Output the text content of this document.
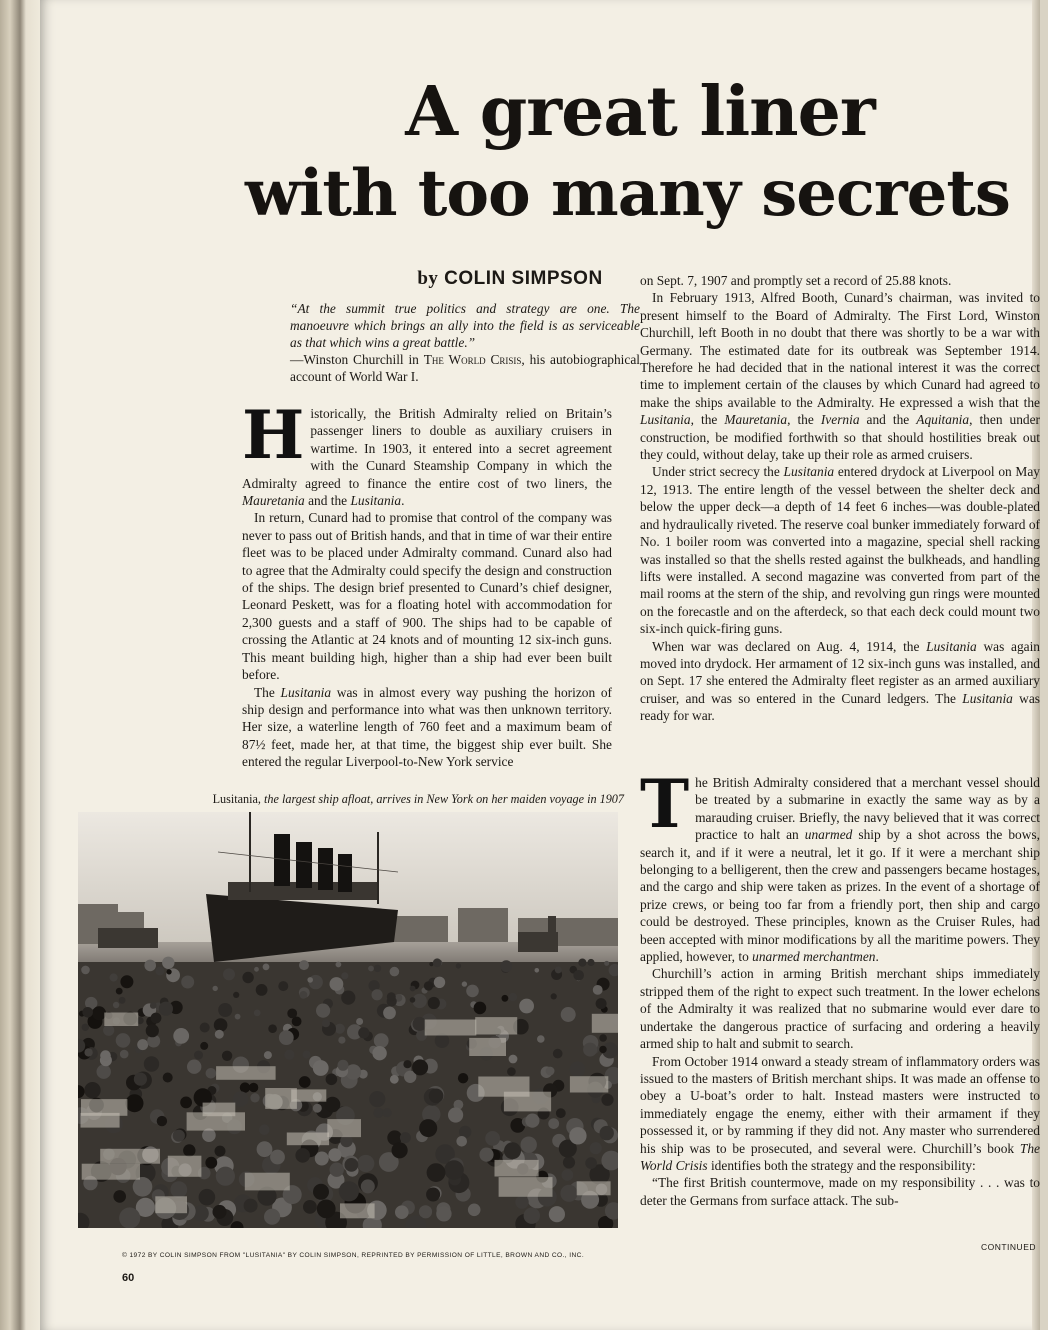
A great liner
with too many secrets
by COLIN SIMPSON
“At the summit true politics and strategy are one. The manoeuvre which brings an ally into the field is as serviceable as that which wins a great battle.”
—Winston Churchill in The World Crisis, his autobiographical account of World War I.

Historically, the British Admiralty relied on Britain’s passenger liners to double as auxiliary cruisers in wartime. In 1903, it entered into a secret agreement with the Cunard Steamship Company in which the Admiralty agreed to finance the entire cost of two liners, the Mauretania and the Lusitania.

In return, Cunard had to promise that control of the company was never to pass out of British hands, and that in time of war their entire fleet was to be placed under Admiralty command. Cunard also had to agree that the Admiralty could specify the design and construction of the ships. The design brief presented to Cunard’s chief designer, Leonard Peskett, was for a floating hotel with accommodation for 2,300 guests and a staff of 900. The ships had to be capable of crossing the Atlantic at 24 knots and of mounting 12 six-inch guns. This meant building high, higher than a ship had ever been built before.

The Lusitania was in almost every way pushing the horizon of ship design and performance into what was then unknown territory. Her size, a waterline length of 760 feet and a maximum beam of 87½ feet, made her, at that time, the biggest ship ever built. She entered the regular Liverpool-to-New York service

on Sept. 7, 1907 and promptly set a record of 25.88 knots.

In February 1913, Alfred Booth, Cunard’s chairman, was invited to present himself to the Board of Admiralty. The First Lord, Winston Churchill, left Booth in no doubt that there was shortly to be a war with Germany. The estimated date for its outbreak was September 1914. Therefore he had decided that in the national interest it was the correct time to implement certain of the clauses by which Cunard had agreed to make the ships available to the Admiralty. He expressed a wish that the Lusitania, the Mauretania, the Ivernia and the Aquitania, then under construction, be modified forthwith so that should hostilities break out they could, without delay, take up their role as armed cruisers.

Under strict secrecy the Lusitania entered drydock at Liverpool on May 12, 1913. The entire length of the vessel between the shelter deck and below the upper deck—a depth of 14 feet 6 inches—was double-plated and hydraulically riveted. The reserve coal bunker immediately forward of No. 1 boiler room was converted into a magazine, special shell racking was installed so that the shells rested against the bulkheads, and handling lifts were installed. A second magazine was converted from part of the mail rooms at the stern of the ship, and revolving gun rings were mounted on the forecastle and on the afterdeck, so that each deck could mount two six-inch quick-firing guns.

When war was declared on Aug. 4, 1914, the Lusitania was again moved into drydock. Her armament of 12 six-inch guns was installed, and on Sept. 17 she entered the Admiralty fleet register as an armed auxiliary cruiser, and was so entered in the Cunard ledgers. The Lusitania was ready for war.

The British Admiralty considered that a merchant vessel should be treated by a submarine in exactly the same way as by a marauding cruiser. Briefly, the navy believed that it was correct practice to halt an unarmed ship by a shot across the bows, search it, and if it were a neutral, let it go. If it were a merchant ship belonging to a belligerent, then the crew and passengers became hostages, and the cargo and ship were taken as prizes. In the event of a shortage of prize crews, or being too far from a friendly port, then ship and cargo could be destroyed. These principles, known as the Cruiser Rules, had been accepted with minor modifications by all the maritime powers. They applied, however, to unarmed merchantmen.

Churchill’s action in arming British merchant ships immediately stripped them of the right to expect such treatment. In the lower echelons of the Admiralty it was realized that no submarine would ever dare to undertake the dangerous practice of surfacing and ordering a heavily armed ship to halt and submit to search.

From October 1914 onward a steady stream of inflammatory orders was issued to the masters of British merchant ships. It was made an offense to obey a U-boat’s order to halt. Instead masters were instructed to immediately engage the enemy, either with their armament if they possessed it, or by ramming if they did not. Any master who surrendered his ship was to be prosecuted, and several were. Churchill’s book The World Crisis identifies both the strategy and the responsibility:

“The first British countermove, made on my responsibility . . . was to deter the Germans from surface attack. The sub-

Lusitania, the largest ship afloat, arrives in New York on her maiden voyage in 1907
© 1972 BY COLIN SIMPSON FROM "LUSITANIA" BY COLIN SIMPSON, REPRINTED BY PERMISSION OF LITTLE, BROWN AND CO., INC.
60
CONTINUED
